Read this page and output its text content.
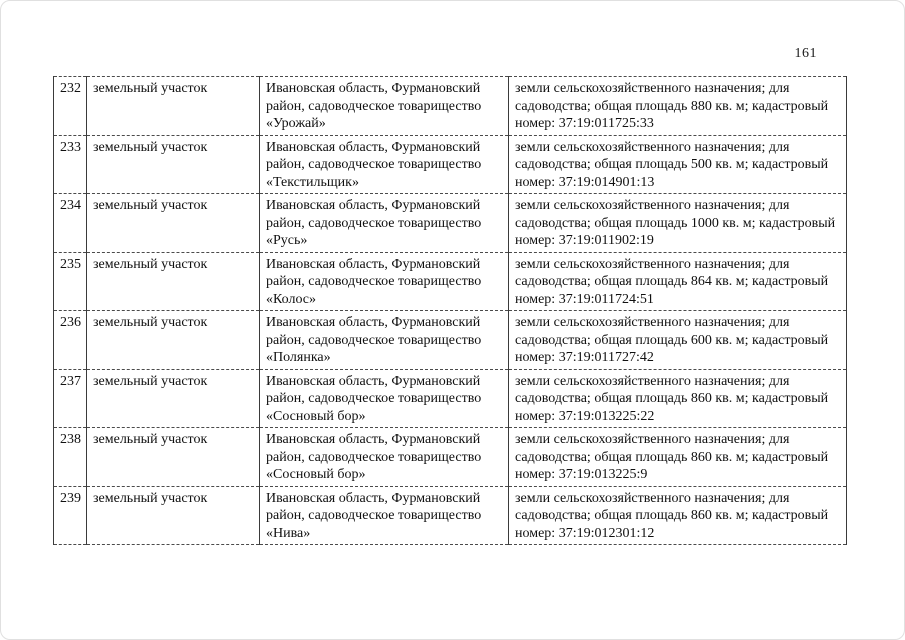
161
232	земельный участок	Ивановская область, Фурмановский район, садоводческое товарищество «Урожай»	земли сельскохозяйственного назначения; для садоводства; общая площадь 880 кв. м; кадастровый номер: 37:19:011725:33
233	земельный участок	Ивановская область, Фурмановский район, садоводческое товарищество «Текстильщик»	земли сельскохозяйственного назначения; для садоводства; общая площадь 500 кв. м; кадастровый номер: 37:19:014901:13
234	земельный участок	Ивановская область, Фурмановский район, садоводческое товарищество «Русь»	земли сельскохозяйственного назначения; для садоводства; общая площадь 1000 кв. м; кадастровый номер: 37:19:011902:19
235	земельный участок	Ивановская область, Фурмановский район, садоводческое товарищество «Колос»	земли сельскохозяйственного назначения; для садоводства; общая площадь 864 кв. м; кадастровый номер: 37:19:011724:51
236	земельный участок	Ивановская область, Фурмановский район, садоводческое товарищество «Полянка»	земли сельскохозяйственного назначения; для садоводства; общая площадь 600 кв. м; кадастровый номер: 37:19:011727:42
237	земельный участок	Ивановская область, Фурмановский район, садоводческое товарищество «Сосновый бор»	земли сельскохозяйственного назначения; для садоводства; общая площадь 860 кв. м; кадастровый номер: 37:19:013225:22
238	земельный участок	Ивановская область, Фурмановский район, садоводческое товарищество «Сосновый бор»	земли сельскохозяйственного назначения; для садоводства; общая площадь 860 кв. м; кадастровый номер: 37:19:013225:9
239	земельный участок	Ивановская область, Фурмановский район, садоводческое товарищество «Нива»	земли сельскохозяйственного назначения; для садоводства; общая площадь 860 кв. м; кадастровый номер: 37:19:012301:12
